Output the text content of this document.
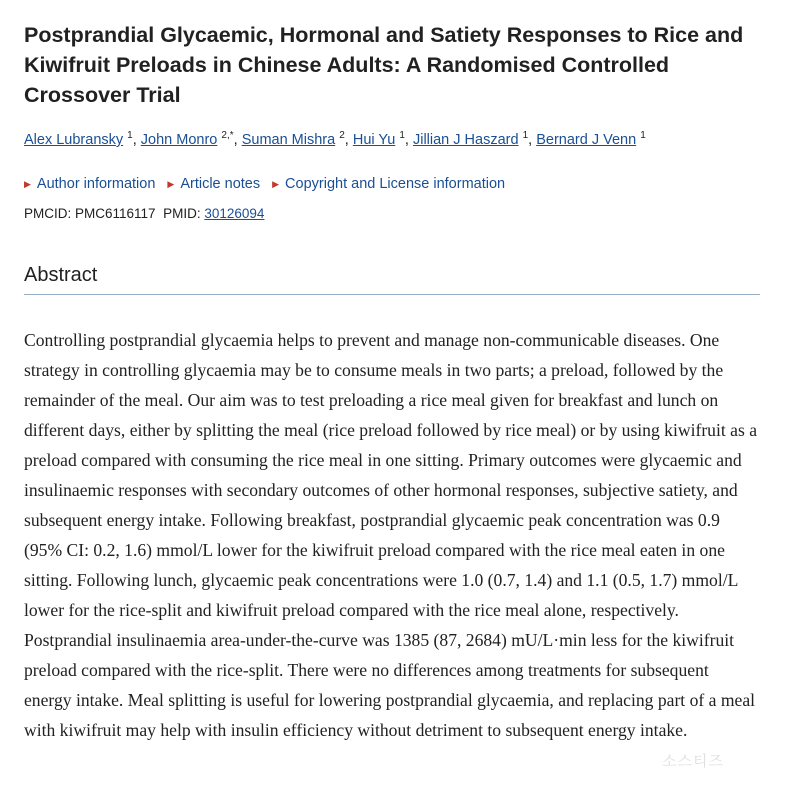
Postprandial Glycaemic, Hormonal and Satiety Responses to Rice and Kiwifruit Preloads in Chinese Adults: A Randomised Controlled Crossover Trial
Alex Lubransky $^1$, John Monro $^{2,*}$, Suman Mishra $^2$, Hui Yu $^1$, Jillian J Haszard $^1$, Bernard J Venn $^1$
▶ Author information ▶ Article notes ▶ Copyright and License information
PMCID: PMC6116117 PMID: 30126094
Abstract

Controlling postprandial glycaemia helps to prevent and manage non-communicable diseases. One strategy in controlling glycaemia may be to consume meals in two parts; a preload, followed by the remainder of the meal. Our aim was to test preloading a rice meal given for breakfast and lunch on different days, either by splitting the meal (rice preload followed by rice meal) or by using kiwifruit as a preload compared with consuming the rice meal in one sitting. Primary outcomes were glycaemic and insulinaemic responses with secondary outcomes of other hormonal responses, subjective satiety, and subsequent energy intake. Following breakfast, postprandial glycaemic peak concentration was 0.9 (95% CI: 0.2, 1.6) mmol/L lower for the kiwifruit preload compared with the rice meal eaten in one sitting. Following lunch, glycaemic peak concentrations were 1.0 (0.7, 1.4) and 1.1 (0.5, 1.7) mmol/L lower for the rice-split and kiwifruit preload compared with the rice meal alone, respectively. Postprandial insulinaemia area-under-the-curve was 1385 (87, 2684) mU/L·min less for the kiwifruit preload compared with the rice-split. There were no differences among treatments for subsequent energy intake. Meal splitting is useful for lowering postprandial glycaemia, and replacing part of a meal with kiwifruit may help with insulin efficiency without detriment to subsequent energy intake.

소스티즈
